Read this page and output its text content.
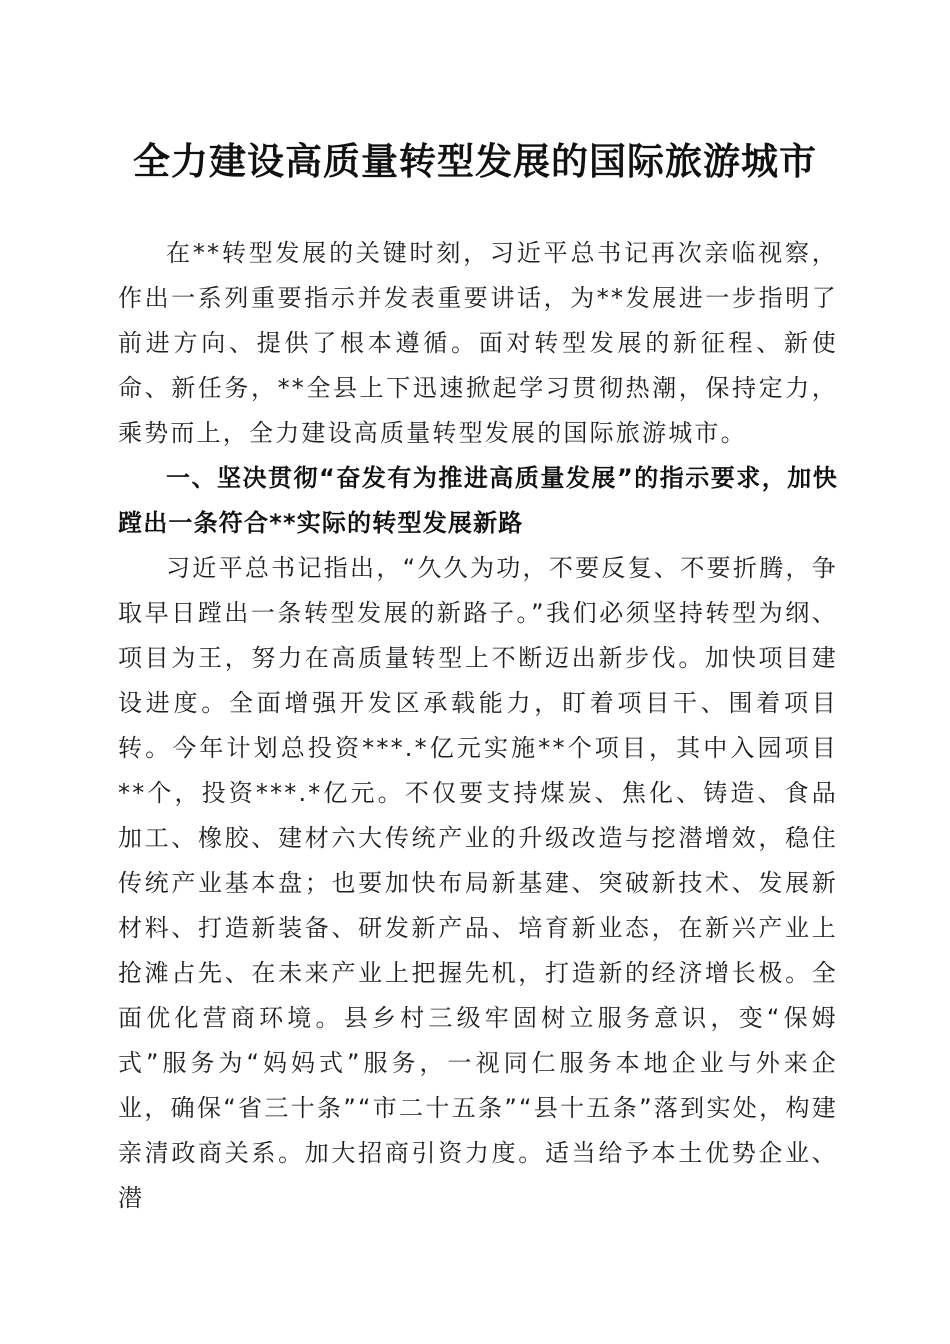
全力建设高质量转型发展的国际旅游城市

在**转型发展的关键时刻，习近平总书记再次亲临视察，作出一系列重要指示并发表重要讲话，为**发展进一步指明了前进方向、提供了根本遵循。面对转型发展的新征程、新使命、新任务，**全县上下迅速掀起学习贯彻热潮，保持定力，乘势而上，全力建设高质量转型发展的国际旅游城市。

一、坚决贯彻“奋发有为推进高质量发展”的指示要求，加快蹚出一条符合**实际的转型发展新路

习近平总书记指出，“久久为功，不要反复、不要折腾，争取早日蹚出一条转型发展的新路子。”我们必须坚持转型为纲、项目为王，努力在高质量转型上不断迈出新步伐。加快项目建设进度。全面增强开发区承载能力，盯着项目干、围着项目转。今年计划总投资***.*亿元实施**个项目，其中入园项目**个，投资***.*亿元。不仅要支持煤炭、焦化、铸造、食品加工、橡胶、建材六大传统产业的升级改造与挖潜增效，稳住传统产业基本盘；也要加快布局新基建、突破新技术、发展新材料、打造新装备、研发新产品、培育新业态，在新兴产业上抢滩占先、在未来产业上把握先机，打造新的经济增长极。全面优化营商环境。县乡村三级牢固树立服务意识，变“保姆式”服务为“妈妈式”服务，一视同仁服务本地企业与外来企业，确保“省三十条”“市二十五条”“县十五条”落到实处，构建亲清政商关系。加大招商引资力度。适当给予本土优势企业、潜
